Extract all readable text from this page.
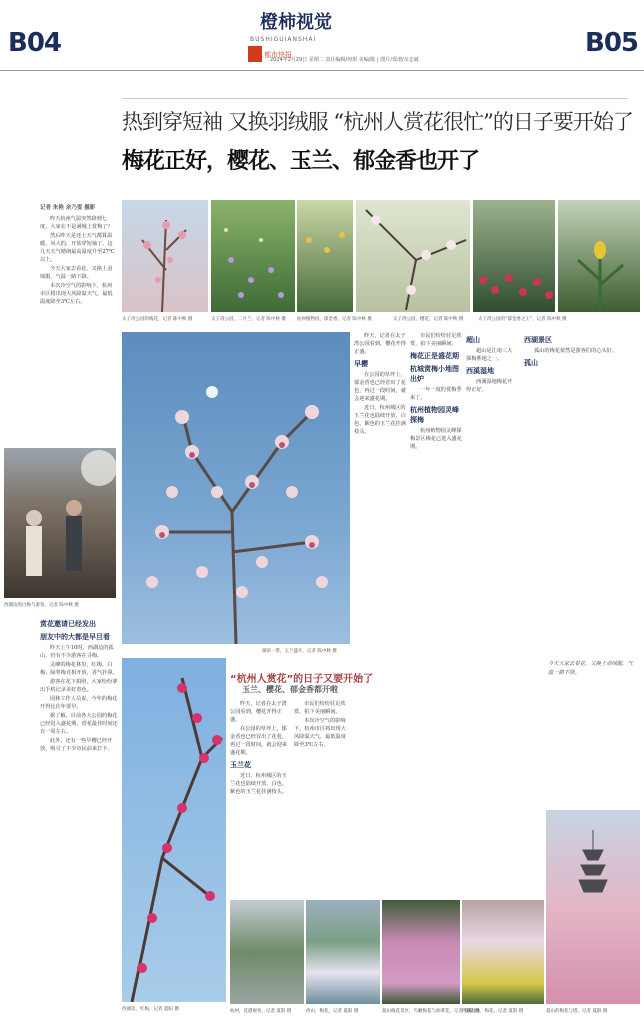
B04	B05
橙柿视觉
BUSHIGUIANSHAI
都市快报
2024年2月29日 星期二 责任编辑/何琪 美编/陈 | 图片/郑谱/余志斌
热到穿短袖 又换羽绒服 “杭州人赏花很忙”的日子要开始了
梅花正好，樱花、玉兰、郁金香也开了
记者 朱艳 余乃雯 摄影

昨天杭州气温突然降到七度，大家在不是满城上赏梅了？

然后昨天是还上天气都算温暖，风大的，开始穿短袖了。这几天天气晴朗最高温度升至27℃以上。

今天大家去看花，又换上羽绒服，气温一路下降。

本次冷空气的影响下，杭州市区将出现大风降温天气，最低温度降至3℃左右。

西湖边的白梅与游客，记者 陈中秋 摄
赏花邀请已经发出
朋友中的大都是早旦看

昨天上午10时，西湖边的孤山，仍有不少游客在寻梅。

灵峰的梅花林里，红梅、白梅、绿萼梅竞相开放，香气扑鼻。

游客在花下拍照，大家纷纷拿出手机记录美好春色。

园林工作人员说，今年的梅花开得比往年要早。

据了解，目前各大公园的梅花已经进入盛花期，赏花最佳时间还有一周左右。

此外，还有一些早樱已经开放，吸引了不少市民前来打卡。

太子湾公园的梅花，记者 陈中秋 摄	太子湾公园，二月兰，记者 陈中秋 摄	杭州植物园，郁金香，记者 陈中秋 摄	太子湾公园，樱花，记者 陈中秋 摄	太子湾公园的“郁金香之王”，记者 陈中秋 摄
湖滨一带，玉兰盛开，记者 陈中秋 摄

昨天，记者在太子湾公园看到，樱花开得正盛。

早樱

在公园的草坪上，郁金香也已经冒出了花苞，再过一段时间，就会迎来盛花期。

近日，杭州城区的玉兰花也陆续开放，白色、紫色的玉兰花挂满枝头。

市民们纷纷驻足欣赏，拍下美丽瞬间。

梅花正是盛花期
杭城赏梅小地图出炉

一年一度的赏梅季来了。

杭州植物园灵峰探梅

杭州植物园灵峰探梅景区梅花已进入盛花期。

超山

超山是江南三大探梅胜地之一。

西溪湿地

西溪湿地梅花开得正好。

西湖景区

孤山的梅花依然是游客们的心头好。

孤山
西湖边，红梅，记者 夏阳 摄
“杭州人赏花”的日子又要开始了
玉兰、樱花、郁金香都开啦

昨天，记者在太子湾公园看到，樱花开得正盛。

在公园的草坪上，郁金香也已经冒出了花苞，再过一段时间，就会迎来盛花期。

玉兰花

近日，杭州城区的玉兰花也陆续开放，白色、紫色的玉兰花挂满枝头。

市民们纷纷驻足欣赏，拍下美丽瞬间。

本次冷空气的影响下，杭州市区将出现大风降温天气，最低温度降至3℃左右。

杭州，花港观鱼，记者 夏阳 摄	西山，梅花，记者 夏阳 摄	超山梅花景区，鸟瞰梅花与油菜花，记者 夏阳 摄
西溪湿地，梅花，记者 夏阳 摄	超山的梅花与塔，记者 夏阳 摄
今天大家去看花，又换上羽绒服，气温一路下降。
